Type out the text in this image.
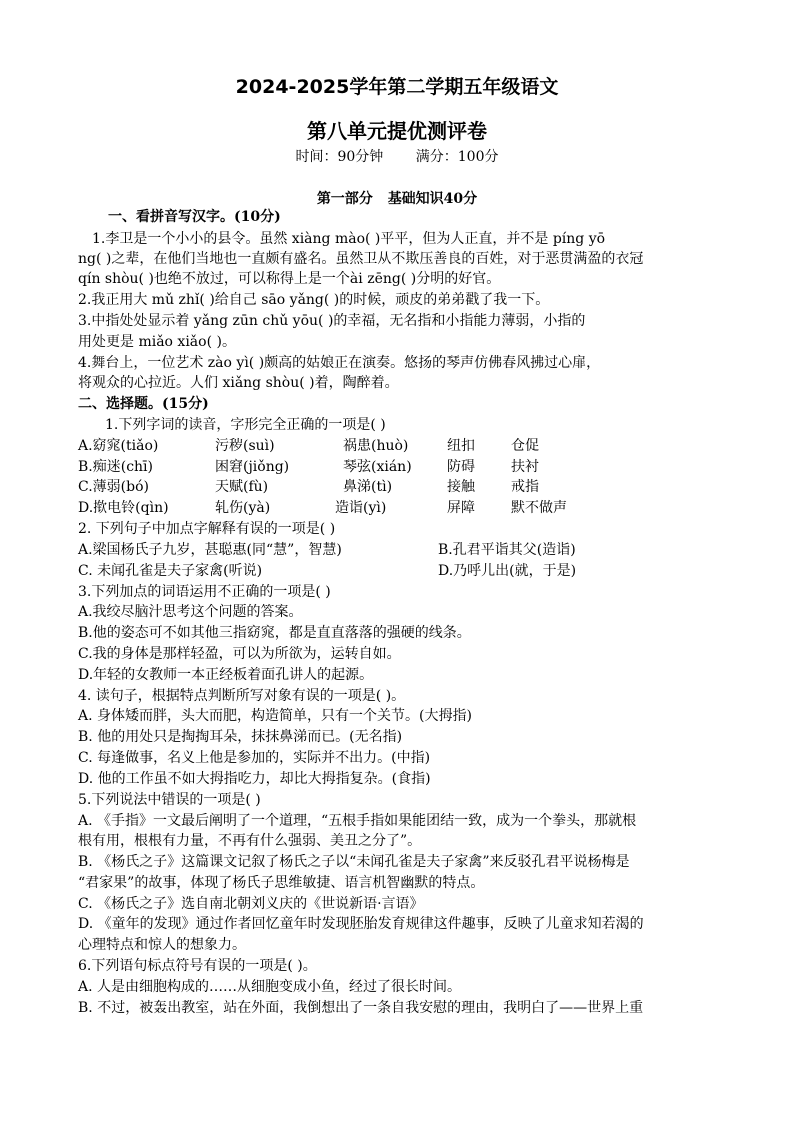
2024-2025学年第二学期五年级语文
第八单元提优测评卷
时间：90分钟 满分：100分
第一部分 基础知识40分
一、看拼音写汉字。(10分)
1.李卫是一个小小的县令。虽然 xiàng mào( )平平，但为人正直，并不是 píng yō
ng( )之辈，在他们当地也一直颇有盛名。虽然卫从不欺压善良的百姓，对于恶贯满盈的衣冠
qín shòu( )也绝不放过，可以称得上是一个ài zēng( )分明的好官。
2.我正用大 mǔ zhǐ( )给自己 sāo yǎng( )的时候，顽皮的弟弟戳了我一下。
3.中指处处显示着 yǎng zūn chǔ yōu( )的幸福，无名指和小指能力薄弱，小指的
用处更是 miǎo xiǎo( )。
4.舞台上，一位艺术 zào yì( )颇高的姑娘正在演奏。悠扬的琴声仿佛春风拂过心扉，
将观众的心拉近。人们 xiǎng shòu( )着，陶醉着。
二、选择题。(15分)
1.下列字词的读音，字形完全正确的一项是( )
A.窈窕(tiǎo)	污秽(suì)	祸患(huò)	纽扣	仓促
B.痴迷(chī)	困窘(jiǒng)	琴弦(xián)	防碍	扶衬
C.薄弱(bó)	天赋(fù)	鼻涕(tì)	接触	戒指
D.揿电铃(qìn)	轧伤(yà)	造诣(yì)	屏障	默不做声
2. 下列句子中加点字解释有误的一项是( )
A.梁国杨氏子九岁，甚聪惠(同“慧”，智慧)	B.孔君平诣其父(造诣)
C. 未闻孔雀是夫子家禽(听说)	D.乃呼儿出(就，于是)
3.下列加点的词语运用不正确的一项是( )
A.我绞尽脑汁思考这个问题的答案。
B.他的姿态可不如其他三指窈窕，都是直直落落的强硬的线条。
C.我的身体是那样轻盈，可以为所欲为，运转自如。
D.年轻的女教师一本正经板着面孔讲人的起源。
4. 读句子，根据特点判断所写对象有误的一项是( )。
A. 身体矮而胖，头大而肥，构造简单，只有一个关节。(大拇指)
B. 他的用处只是掏掏耳朵，抹抹鼻涕而已。(无名指)
C. 每逢做事，名义上他是参加的，实际并不出力。(中指)
D. 他的工作虽不如大拇指吃力，却比大拇指复杂。(食指)
5.下列说法中错误的一项是( )
A. 《手指》一文最后阐明了一个道理，“五根手指如果能团结一致，成为一个拳头，那就根
根有用，根根有力量，不再有什么强弱、美丑之分了”。
B. 《杨氏之子》这篇课文记叙了杨氏之子以“未闻孔雀是夫子家禽”来反驳孔君平说杨梅是
“君家果”的故事，体现了杨氏子思维敏捷、语言机智幽默的特点。
C. 《杨氏之子》选自南北朝刘义庆的《世说新语·言语》
D. 《童年的发现》通过作者回忆童年时发现胚胎发育规律这件趣事，反映了儿童求知若渴的
心理特点和惊人的想象力。
6.下列语句标点符号有误的一项是( )。
A. 人是由细胞构成的……从细胞变成小鱼，经过了很长时间。
B. 不过，被轰出教室，站在外面，我倒想出了一条自我安慰的理由，我明白了——世界上重
